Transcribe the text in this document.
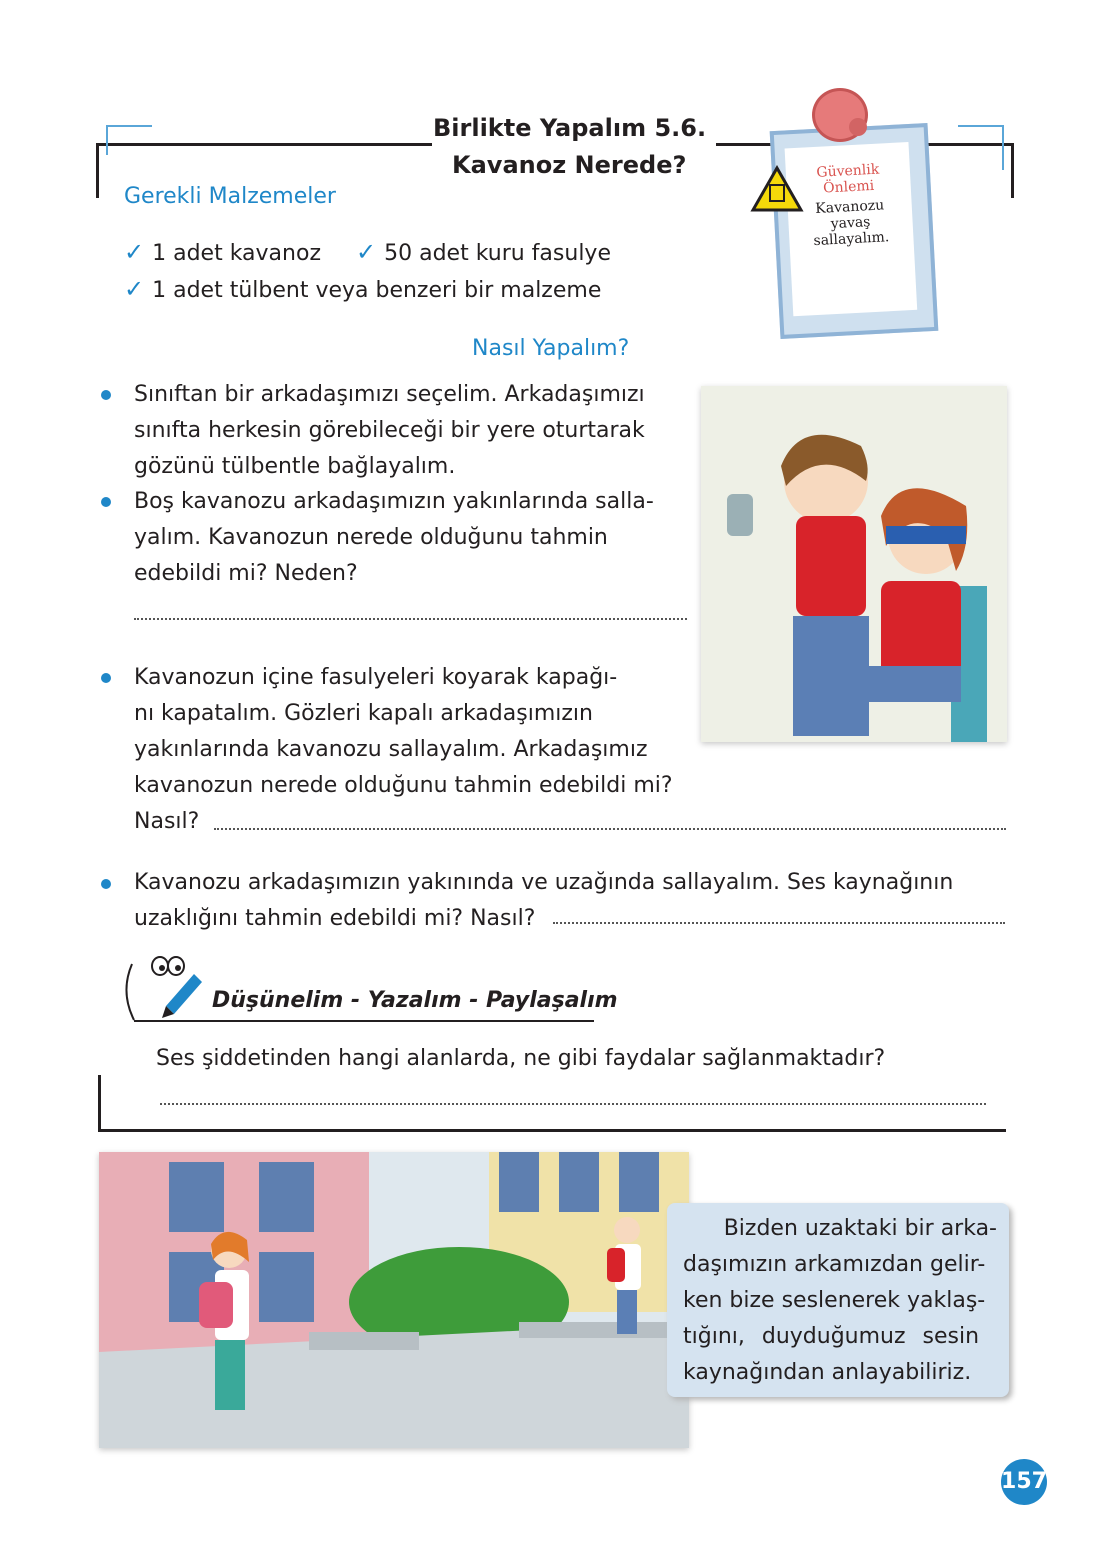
Birlikte Yapalım 5.6.
Kavanoz Nerede?	Güvenlik
Önlemi
Kavanozu
yavaş
sallayalım.
Gerekli Malzemeler
✓ 1 adet kavanoz ✓ 50 adet kuru fasulye
✓ 1 adet tülbent veya benzeri bir malzeme
Nasıl Yapalım?
Sınıftan bir arkadaşımızı seçelim. Arkadaşımızı
sınıfta herkesin görebileceği bir yere oturtarak
gözünü tülbentle bağlayalım.
Boş kavanozu arkadaşımızın yakınlarında salla-
yalım. Kavanozun nerede olduğunu tahmin
edebildi mi? Neden?
Kavanozun içine fasulyeleri koyarak kapağı-
nı kapatalım. Gözleri kapalı arkadaşımızın
yakınlarında kavanozu sallayalım. Arkadaşımız
kavanozun nerede olduğunu tahmin edebildi mi?
Nasıl?
Kavanozu arkadaşımızın yakınında ve uzağında sallayalım. Ses kaynağının
uzaklığını tahmin edebildi mi? Nasıl?
Düşünelim - Yazalım - Paylaşalım
Ses şiddetinden hangi alanlarda, ne gibi faydalar sağlanmaktadır?
Bizden uzaktaki bir arka-
daşımızın arkamızdan gelir-
ken bize seslenerek yaklaş-
tığını, duyduğumuz sesin
kaynağından anlayabiliriz.
157
